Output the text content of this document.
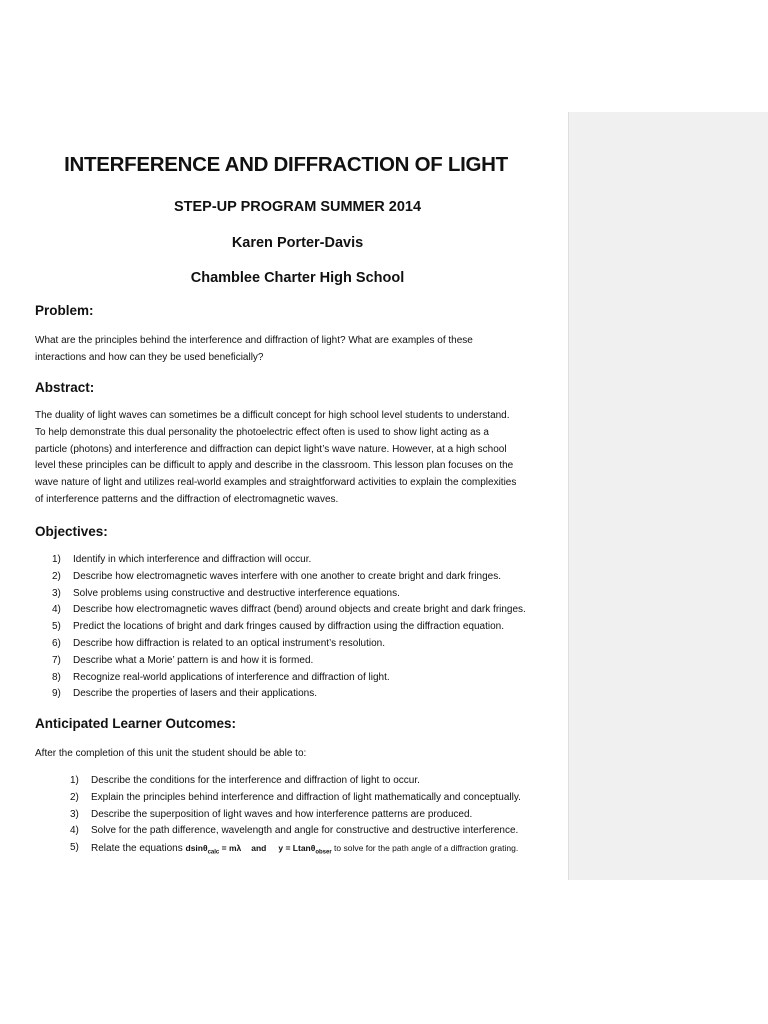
INTERFERENCE AND DIFFRACTION OF LIGHT
STEP-UP PROGRAM SUMMER 2014
Karen Porter-Davis
Chamblee Charter High School
Problem:
What are the principles behind the interference and diffraction of light? What are examples of these
interactions and how can they be used beneficially?
Abstract:
The duality of light waves can sometimes be a difficult concept for high school level students to understand.
To help demonstrate this dual personality the photoelectric effect often is used to show light acting as a
particle (photons) and interference and diffraction can depict light’s wave nature. However, at a high school
level these principles can be difficult to apply and describe in the classroom. This lesson plan focuses on the
wave nature of light and utilizes real-world examples and straightforward activities to explain the complexities
of interference patterns and the diffraction of electromagnetic waves.
Objectives:
1) Identify in which interference and diffraction will occur.
2) Describe how electromagnetic waves interfere with one another to create bright and dark fringes.
3) Solve problems using constructive and destructive interference equations.
4) Describe how electromagnetic waves diffract (bend) around objects and create bright and dark fringes.
5) Predict the locations of bright and dark fringes caused by diffraction using the diffraction equation.
6) Describe how diffraction is related to an optical instrument’s resolution.
7) Describe what a Morie’ pattern is and how it is formed.
8) Recognize real-world applications of interference and diffraction of light.
9) Describe the properties of lasers and their applications.
Anticipated Learner Outcomes:
After the completion of this unit the student should be able to:
1) Describe the conditions for the interference and diffraction of light to occur.
2) Explain the principles behind interference and diffraction of light mathematically and conceptually.
3) Describe the superposition of light waves and how interference patterns are produced.
4) Solve for the path difference, wavelength and angle for constructive and destructive interference.
5) Relate the equations dsinθ$_{calc}$ = mλ and y = Ltanθ$_{obser}$ to solve for the path angle of a diffraction grating.
